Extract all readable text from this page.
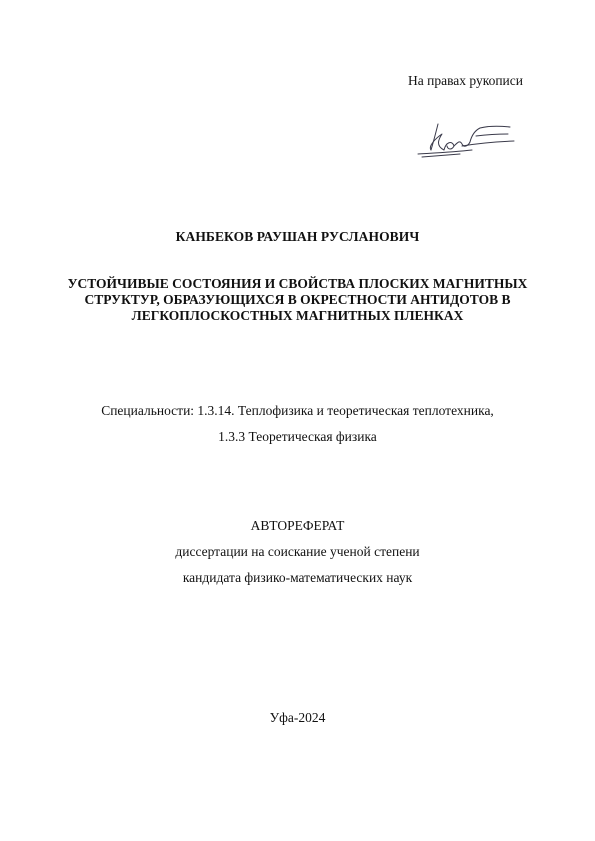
На правах рукописи
КАНБЕКОВ РАУШАН РУСЛАНОВИЧ
УСТОЙЧИВЫЕ СОСТОЯНИЯ И СВОЙСТВА ПЛОСКИХ МАГНИТНЫХ СТРУКТУР, ОБРАЗУЮЩИХСЯ В ОКРЕСТНОСТИ АНТИДОТОВ В ЛЕГКОПЛОСКОСТНЫХ МАГНИТНЫХ ПЛЕНКАХ
Специальности: 1.3.14. Теплофизика и теоретическая теплотехника,
1.3.3 Теоретическая физика
АВТОРЕФЕРАТ
диссертации на соискание ученой степени
кандидата физико-математических наук
Уфа-2024
